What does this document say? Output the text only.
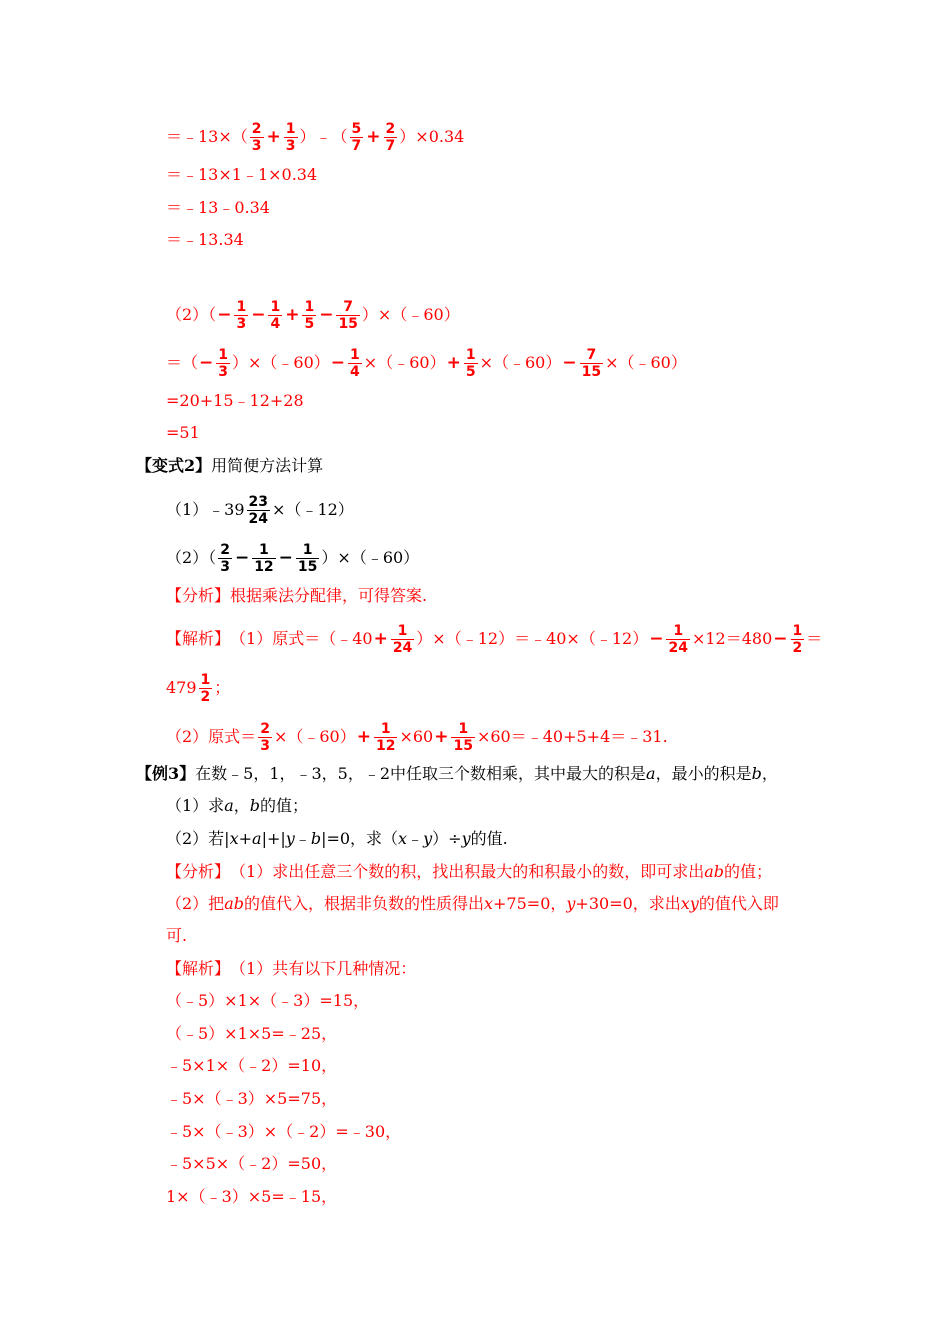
＝﹣13×（ $\frac{2}{3} + \frac{1}{3}$ ）﹣（ $\frac{5}{7} + \frac{2}{7} )\times 0.34$
＝﹣13×1﹣1×0.34
＝﹣13﹣0.34
＝﹣13.34
$(2)( - \frac{1}{3} - \frac{1}{4} + \frac{1}{5} - \frac{7}{15}$ ）×（﹣60）
＝（ − $\frac{1}{3}$ ）×（﹣60） − $\frac{1}{4}$ ×（﹣60） + $\frac{1}{5}$ ×（﹣60） − $\frac{7}{15}$ ×（﹣60）
=20+15﹣12+28
=51
【变式2】 用简便方法计算
（1）﹣39 $\frac{23}{24}$ ×（﹣12）
$(2)( \frac{2}{3} - \frac{1}{12} - \frac{1}{15}$ ）×（﹣60）
【分析】 根据乘法分配律，可得答案.
【解析】 （1）原式＝（﹣40 + $\frac{1}{24}$ ）×（﹣12）＝﹣40×（﹣12） − $\frac{1}{24} \times 12=480 - \frac{1}{2}$ ＝
$479 \frac{1}{2}$ ；
（2）原式＝ $\frac{2}{3}$ ×（﹣60） + $\frac{1}{12} \times 60 + \frac{1}{15}$ ×60＝﹣40+5+4＝﹣31.
【例3】 在数﹣5，1，﹣3，5，﹣2中任取三个数相乘，其中最大的积是 a ，最小的积是 b ，
（1）求 a ， b 的值；
（2）若| x + a |+| y ﹣ b |=0，求（ x ﹣ y ）÷ y 的值.
【分析】 （1）求出任意三个数的积，找出积最大的和积最小的数，即可求出 ab 的值；
（2）把 ab 的值代入，根据非负数的性质得出 x +75=0， y +30=0，求出 xy 的值代入即
可.
【解析】 （1）共有以下几种情况：
（﹣5）×1×（﹣3）=15，
（﹣5）×1×5=﹣25，
﹣5×1×（﹣2）=10，
﹣5×（﹣3）×5=75，
﹣5×（﹣3）×（﹣2）=﹣30，
﹣5×5×（﹣2）=50，
1×（﹣3）×5=﹣15，
